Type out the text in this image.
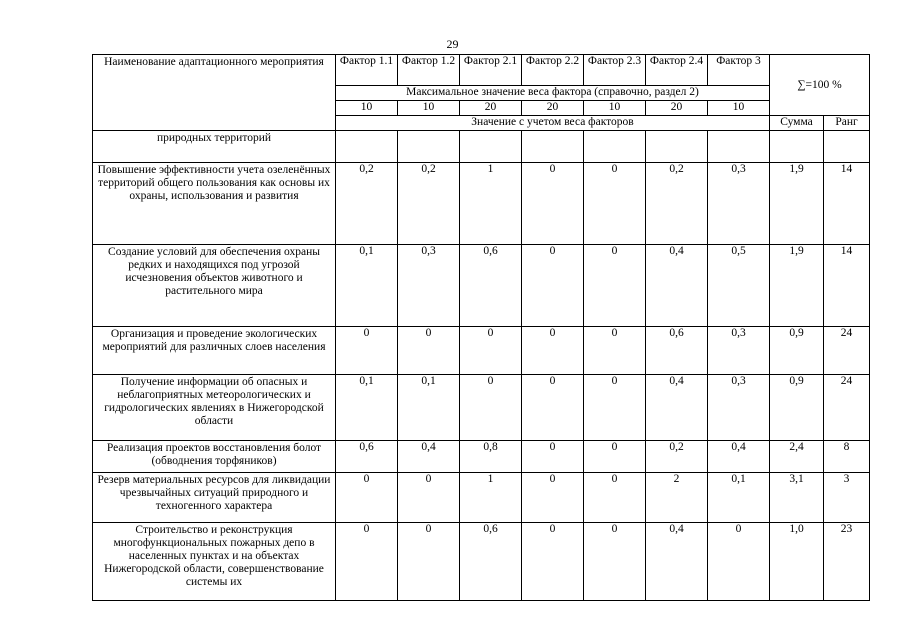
29
Наименование адаптационного мероприятия	Фактор 1.1	Фактор 1.2	Фактор 2.1	Фактор 2.2	Фактор 2.3	Фактор 2.4	Фактор 3	∑=100 %	
	Максимальное значение веса фактора (справочно, раздел 2)								
	10	10	20	20	10	20	10		
	Значение с учетом веса факторов							Сумма	Ранг
природных территорий									
Повышение эффективности учета озеленённых территорий общего пользования как основы их охраны, использования и развития	0,2	0,2	1	0	0	0,2	0,3	1,9	14
Создание условий для обеспечения охраны редких и находящихся под угрозой исчезновения объектов животного и растительного мира	0,1	0,3	0,6	0	0	0,4	0,5	1,9	14
Организация и проведение экологических мероприятий для различных слоев населения	0	0	0	0	0	0,6	0,3	0,9	24
Получение информации об опасных и неблагоприятных метеорологических и гидрологических явлениях в Нижегородской области	0,1	0,1	0	0	0	0,4	0,3	0,9	24
Реализация проектов восстановления болот (обводнения торфяников)	0,6	0,4	0,8	0	0	0,2	0,4	2,4	8
Резерв материальных ресурсов для ликвидации чрезвычайных ситуаций природного и техногенного характера	0	0	1	0	0	2	0,1	3,1	3
Строительство и реконструкция многофункциональных пожарных депо в населенных пунктах и на объектах Нижегородской области, совершенствование системы их	0	0	0,6	0	0	0,4	0	1,0	23
